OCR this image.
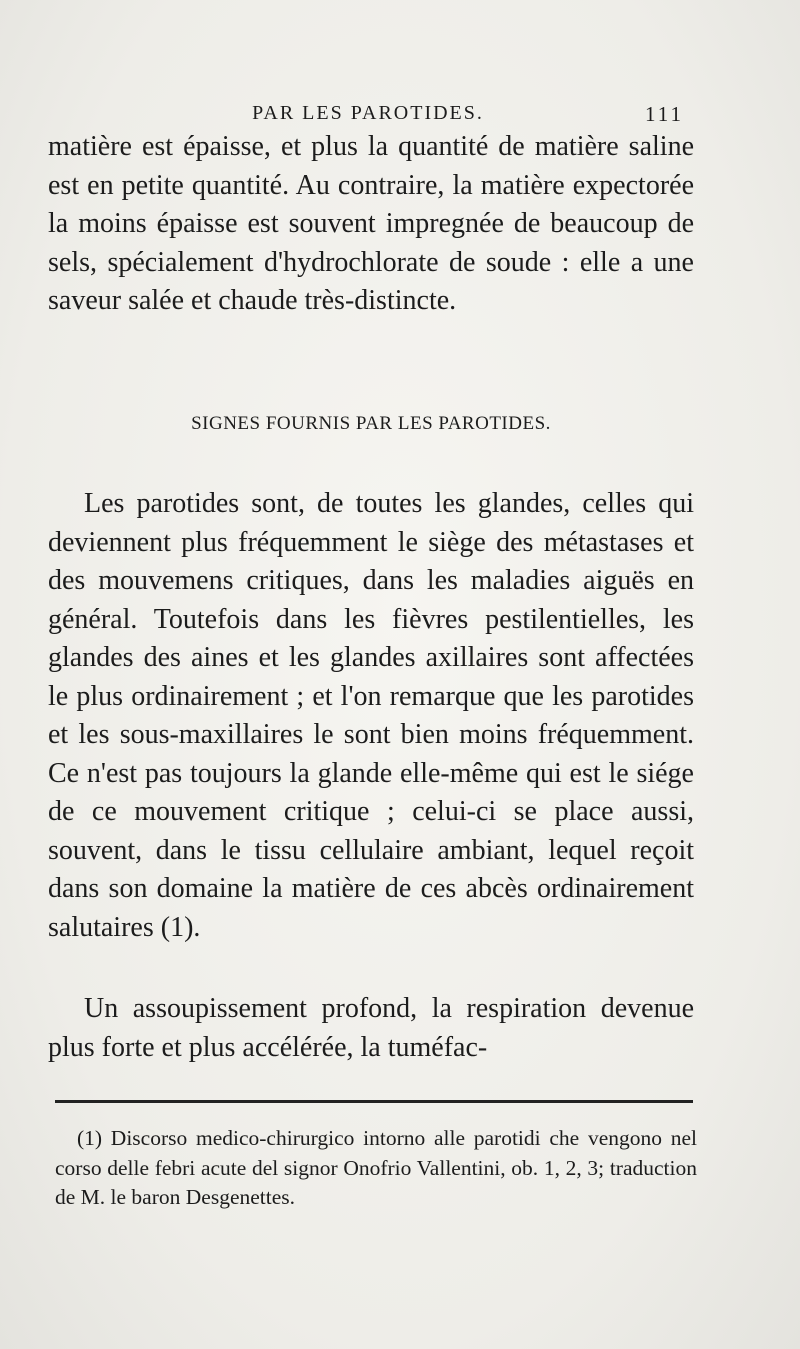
PAR LES PAROTIDES.	111

matière est épaisse, et plus la quantité de matière saline est en petite quantité. Au contraire, la matière expectorée la moins épaisse est souvent impregnée de beaucoup de sels, spécialement d'hydrochlorate de soude : elle a une saveur salée et chaude très-distincte.

SIGNES FOURNIS PAR LES PAROTIDES.

Les parotides sont, de toutes les glandes, celles qui deviennent plus fréquemment le siège des métastases et des mouvemens critiques, dans les maladies aiguës en général. Toutefois dans les fièvres pestilentielles, les glandes des aines et les glandes axillaires sont affectées le plus ordinairement ; et l'on remarque que les parotides et les sous-maxillaires le sont bien moins fréquemment. Ce n'est pas toujours la glande elle-même qui est le siége de ce mouvement critique ; celui-ci se place aussi, souvent, dans le tissu cellulaire ambiant, lequel reçoit dans son domaine la matière de ces abcès ordinairement salutaires (1).

Un assoupissement profond, la respiration devenue plus forte et plus accélérée, la tuméfac-

(1) Discorso medico-chirurgico intorno alle parotidi che vengono nel corso delle febri acute del signor Onofrio Vallentini, ob. 1, 2, 3; traduction de M. le baron Desgenettes.
